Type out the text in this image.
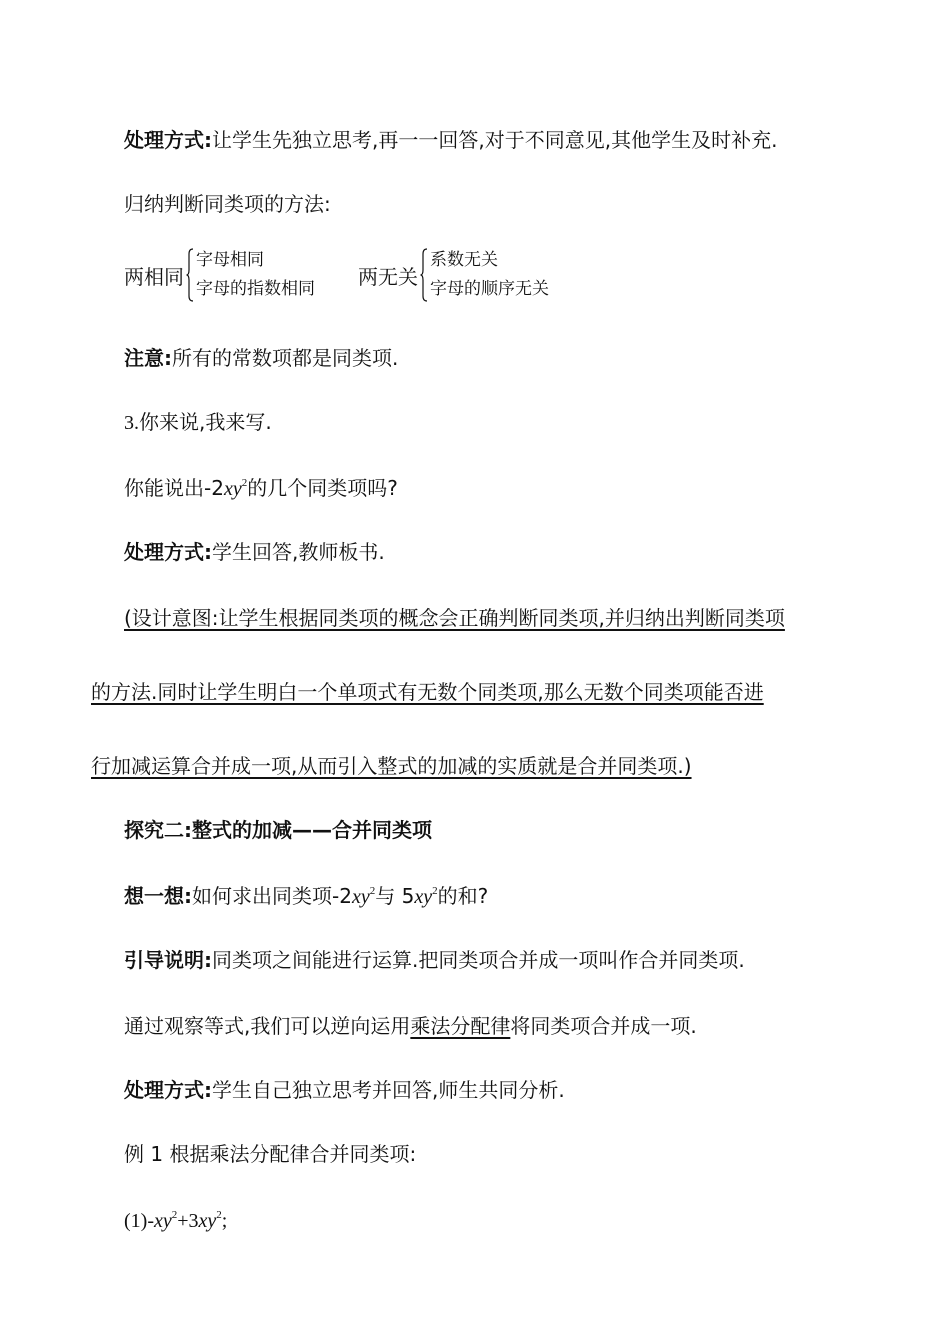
处理方式:让学生先独立思考,再一一回答,对于不同意见,其他学生及时补充.
归纳判断同类项的方法:
两相同
字母相同
字母的指数相同
两无关
系数无关
字母的顺序无关
注意:所有的常数项都是同类项.
3.你来说,我来写.
你能说出$-2xy^2$的几个同类项吗?
处理方式:学生回答,教师板书.
(设计意图:让学生根据同类项的概念会正确判断同类项,并归纳出判断同类项
的方法.同时让学生明白一个单项式有无数个同类项,那么无数个同类项能否进
行加减运算合并成一项,从而引入整式的加减的实质就是合并同类项.)
探究二:整式的加减——合并同类项
想一想:如何求出同类项$-2xy^2$与 $5xy^2$的和?
引导说明:同类项之间能进行运算.把同类项合并成一项叫作合并同类项.
通过观察等式,我们可以逆向运用乘法分配律将同类项合并成一项.
处理方式:学生自己独立思考并回答,师生共同分析.
例 1 根据乘法分配律合并同类项:
$(1)-xy^2+3xy^2$;
